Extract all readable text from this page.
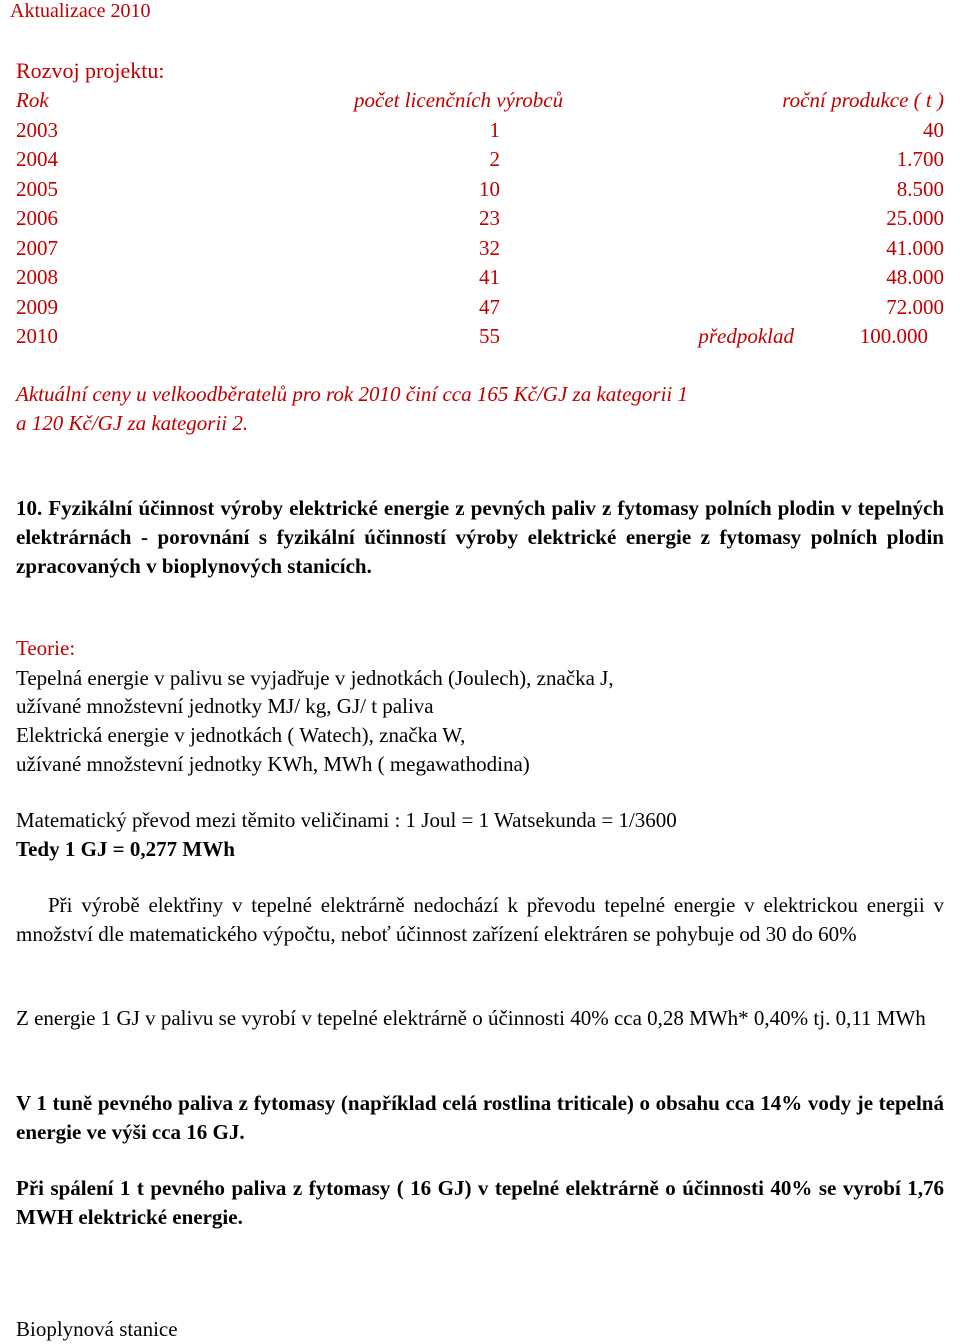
Aktualizace 2010
Rozvoj projektu:
Rok	počet licenčních výrobců	roční produkce ( t )
2003	1	40
2004	2	1.700
2005	10	8.500
2006	23	25.000
2007	32	41.000
2008	41	48.000
2009	47	72.000
2010	55	předpoklad	100.000
Aktuální ceny u velkoodběratelů pro rok 2010 činí cca 165 Kč/GJ za kategorii 1
a 120 Kč/GJ za kategorii 2.
10. Fyzikální účinnost výroby elektrické energie z pevných paliv z fytomasy polních plodin v tepelných elektrárnách - porovnání s fyzikální účinností výroby elektrické energie z fytomasy polních plodin zpracovaných v bioplynových stanicích.
Teorie:
Tepelná energie v palivu se vyjadřuje v jednotkách (Joulech), značka J,
užívané množstevní jednotky MJ/ kg, GJ/ t paliva
Elektrická energie v jednotkách ( Watech), značka W,
užívané množstevní jednotky KWh, MWh ( megawathodina)
Matematický převod mezi těmito veličinami : 1 Joul = 1 Watsekunda = 1/3600
Tedy 1 GJ = 0,277 MWh
Při výrobě elektřiny v tepelné elektrárně nedochází k převodu tepelné energie v elektrickou energii v množství dle matematického výpočtu, neboť účinnost zařízení elektráren se pohybuje od 30 do 60%
Z energie 1 GJ v palivu se vyrobí v tepelné elektrárně o účinnosti 40% cca 0,28 MWh* 0,40% tj. 0,11 MWh
V 1 tuně pevného paliva z fytomasy (například celá rostlina triticale) o obsahu cca 14% vody je tepelná energie ve výši cca 16 GJ.
Při spálení 1 t pevného paliva z fytomasy ( 16 GJ) v tepelné elektrárně o účinnosti 40% se vyrobí 1,76 MWH elektrické energie.
Bioplynová stanice
